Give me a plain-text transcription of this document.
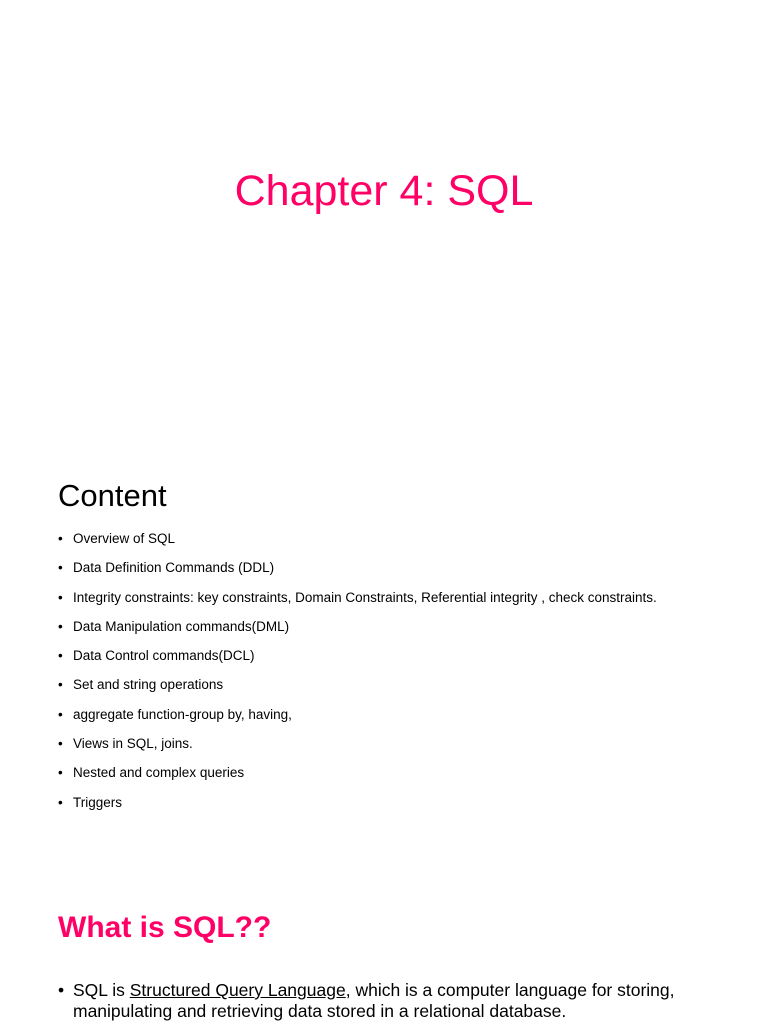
Chapter 4: SQL
Content
• Overview of SQL
• Data Definition Commands (DDL)
• Integrity constraints: key constraints, Domain Constraints, Referential integrity , check constraints.
• Data Manipulation commands(DML)
• Data Control commands(DCL)
• Set and string operations
• aggregate function-group by, having,
• Views in SQL, joins.
• Nested and complex queries
• Triggers
What is SQL??
• SQL is Structured Query Language, which is a computer language for storing, manipulating and retrieving data stored in a relational database.
